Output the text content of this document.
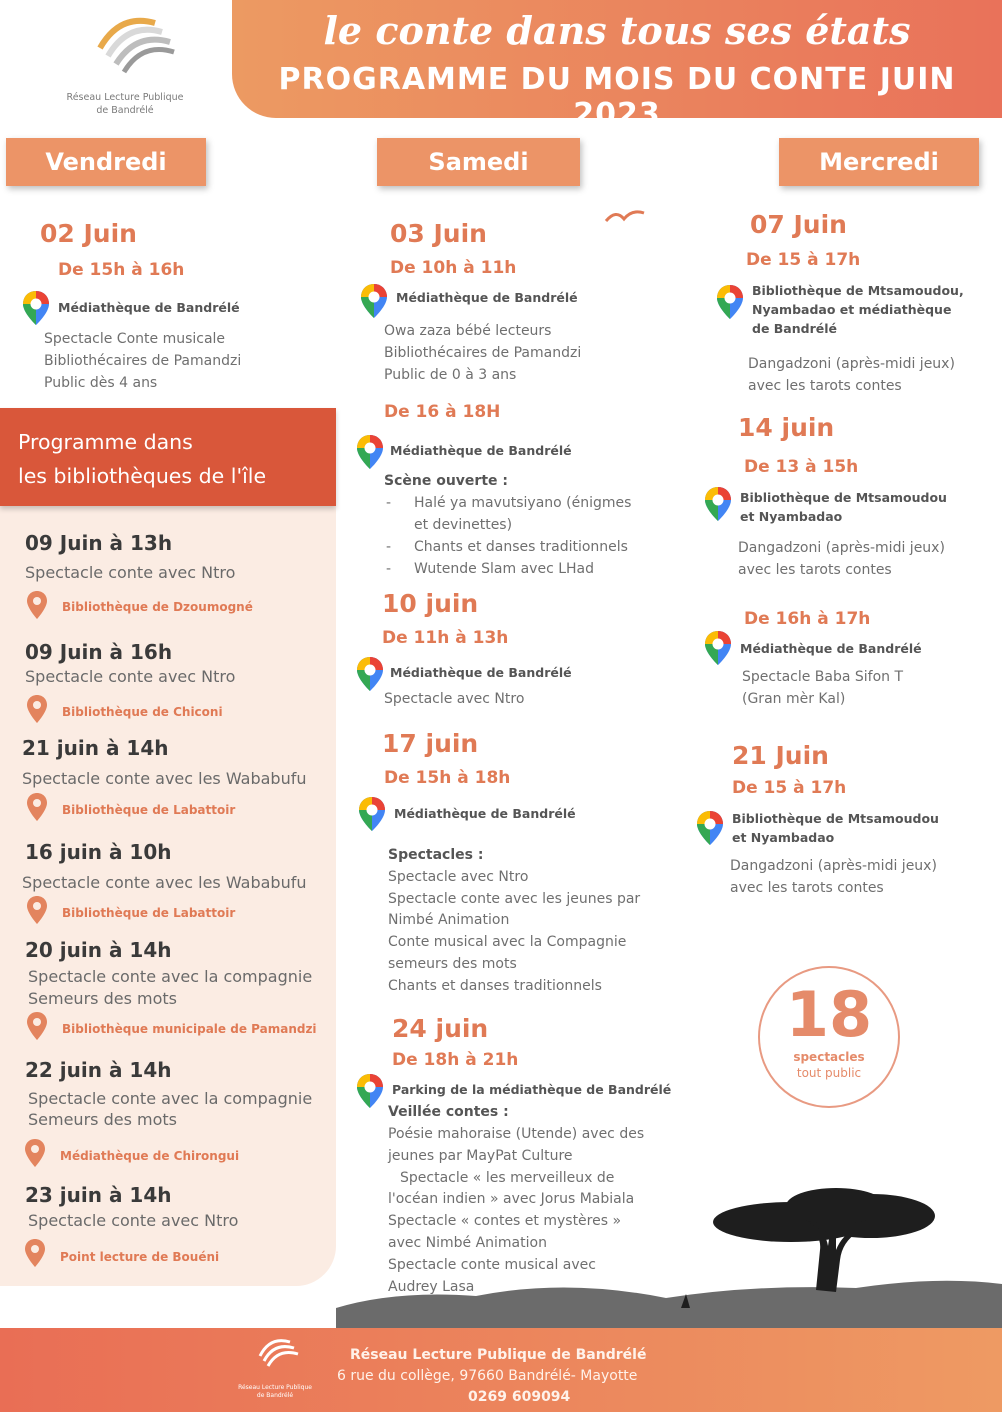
le conte dans tous ses états
PROGRAMME DU MOIS DU CONTE JUIN 2023
Réseau Lecture Publique
de Bandrélé
Vendredi	Samedi	Mercredi
02 Juin
De 15h à 16h
Médiathèque de Bandrélé
Spectacle Conte musicale
Bibliothécaires de Pamandzi
Public dès 4 ans
Programme dans
les bibliothèques de l'île
09 Juin à 13h
Spectacle conte avec Ntro
Bibliothèque de Dzoumogné
09 Juin à 16h
Spectacle conte avec Ntro
Bibliothèque de Chiconi
21 juin à 14h
Spectacle conte avec les Wababufu
Bibliothèque de Labattoir
16 juin à 10h
Spectacle conte avec les Wababufu
Bibliothèque de Labattoir
20 juin à 14h
Spectacle conte avec la compagnie
Semeurs des mots
Bibliothèque municipale de Pamandzi
22 juin à 14h
Spectacle conte avec la compagnie
Semeurs des mots
Médiathèque de Chirongui
23 juin à 14h
Spectacle conte avec Ntro
Point lecture de Bouéni
03 Juin
De 10h à 11h
Médiathèque de Bandrélé
Owa zaza bébé lecteurs
Bibliothécaires de Pamandzi
Public de 0 à 3 ans
De 16 à 18H
Médiathèque de Bandrélé
Scène ouverte :
- Halé ya mavutsiyano (énigmes
et devinettes)
- Chants et danses traditionnels
- Wutende Slam avec LHad
10 juin
De 11h à 13h
Médiathèque de Bandrélé
Spectacle avec Ntro
17 juin
De 15h à 18h
Médiathèque de Bandrélé
Spectacles :
Spectacle avec Ntro
Spectacle conte avec les jeunes par
Nimbé Animation
Conte musical avec la Compagnie
semeurs des mots
Chants et danses traditionnels
24 juin
De 18h à 21h
Parking de la médiathèque de Bandrélé
Veillée contes :
Poésie mahoraise (Utende) avec des
jeunes par MayPat Culture
Spectacle « les merveilleux de
l'océan indien » avec Jorus Mabiala
Spectacle « contes et mystères »
avec Nimbé Animation
Spectacle conte musical avec
Audrey Lasa
07 Juin
De 15 à 17h
Bibliothèque de Mtsamoudou,
Nyambadao et médiathèque
de Bandrélé
Dangadzoni (après-midi jeux)
avec les tarots contes
14 juin
De 13 à 15h
Bibliothèque de Mtsamoudou
et Nyambadao
Dangadzoni (après-midi jeux)
avec les tarots contes
De 16h à 17h
Médiathèque de Bandrélé
Spectacle Baba Sifon T
(Gran mèr Kal)
21 Juin
De 15 à 17h
Bibliothèque de Mtsamoudou
et Nyambadao
Dangadzoni (après-midi jeux)
avec les tarots contes
18
spectacles
tout public
Réseau Lecture Publique
de Bandrélé
Réseau Lecture Publique de Bandrélé
6 rue du collège, 97660 Bandrélé- Mayotte
0269 609094
